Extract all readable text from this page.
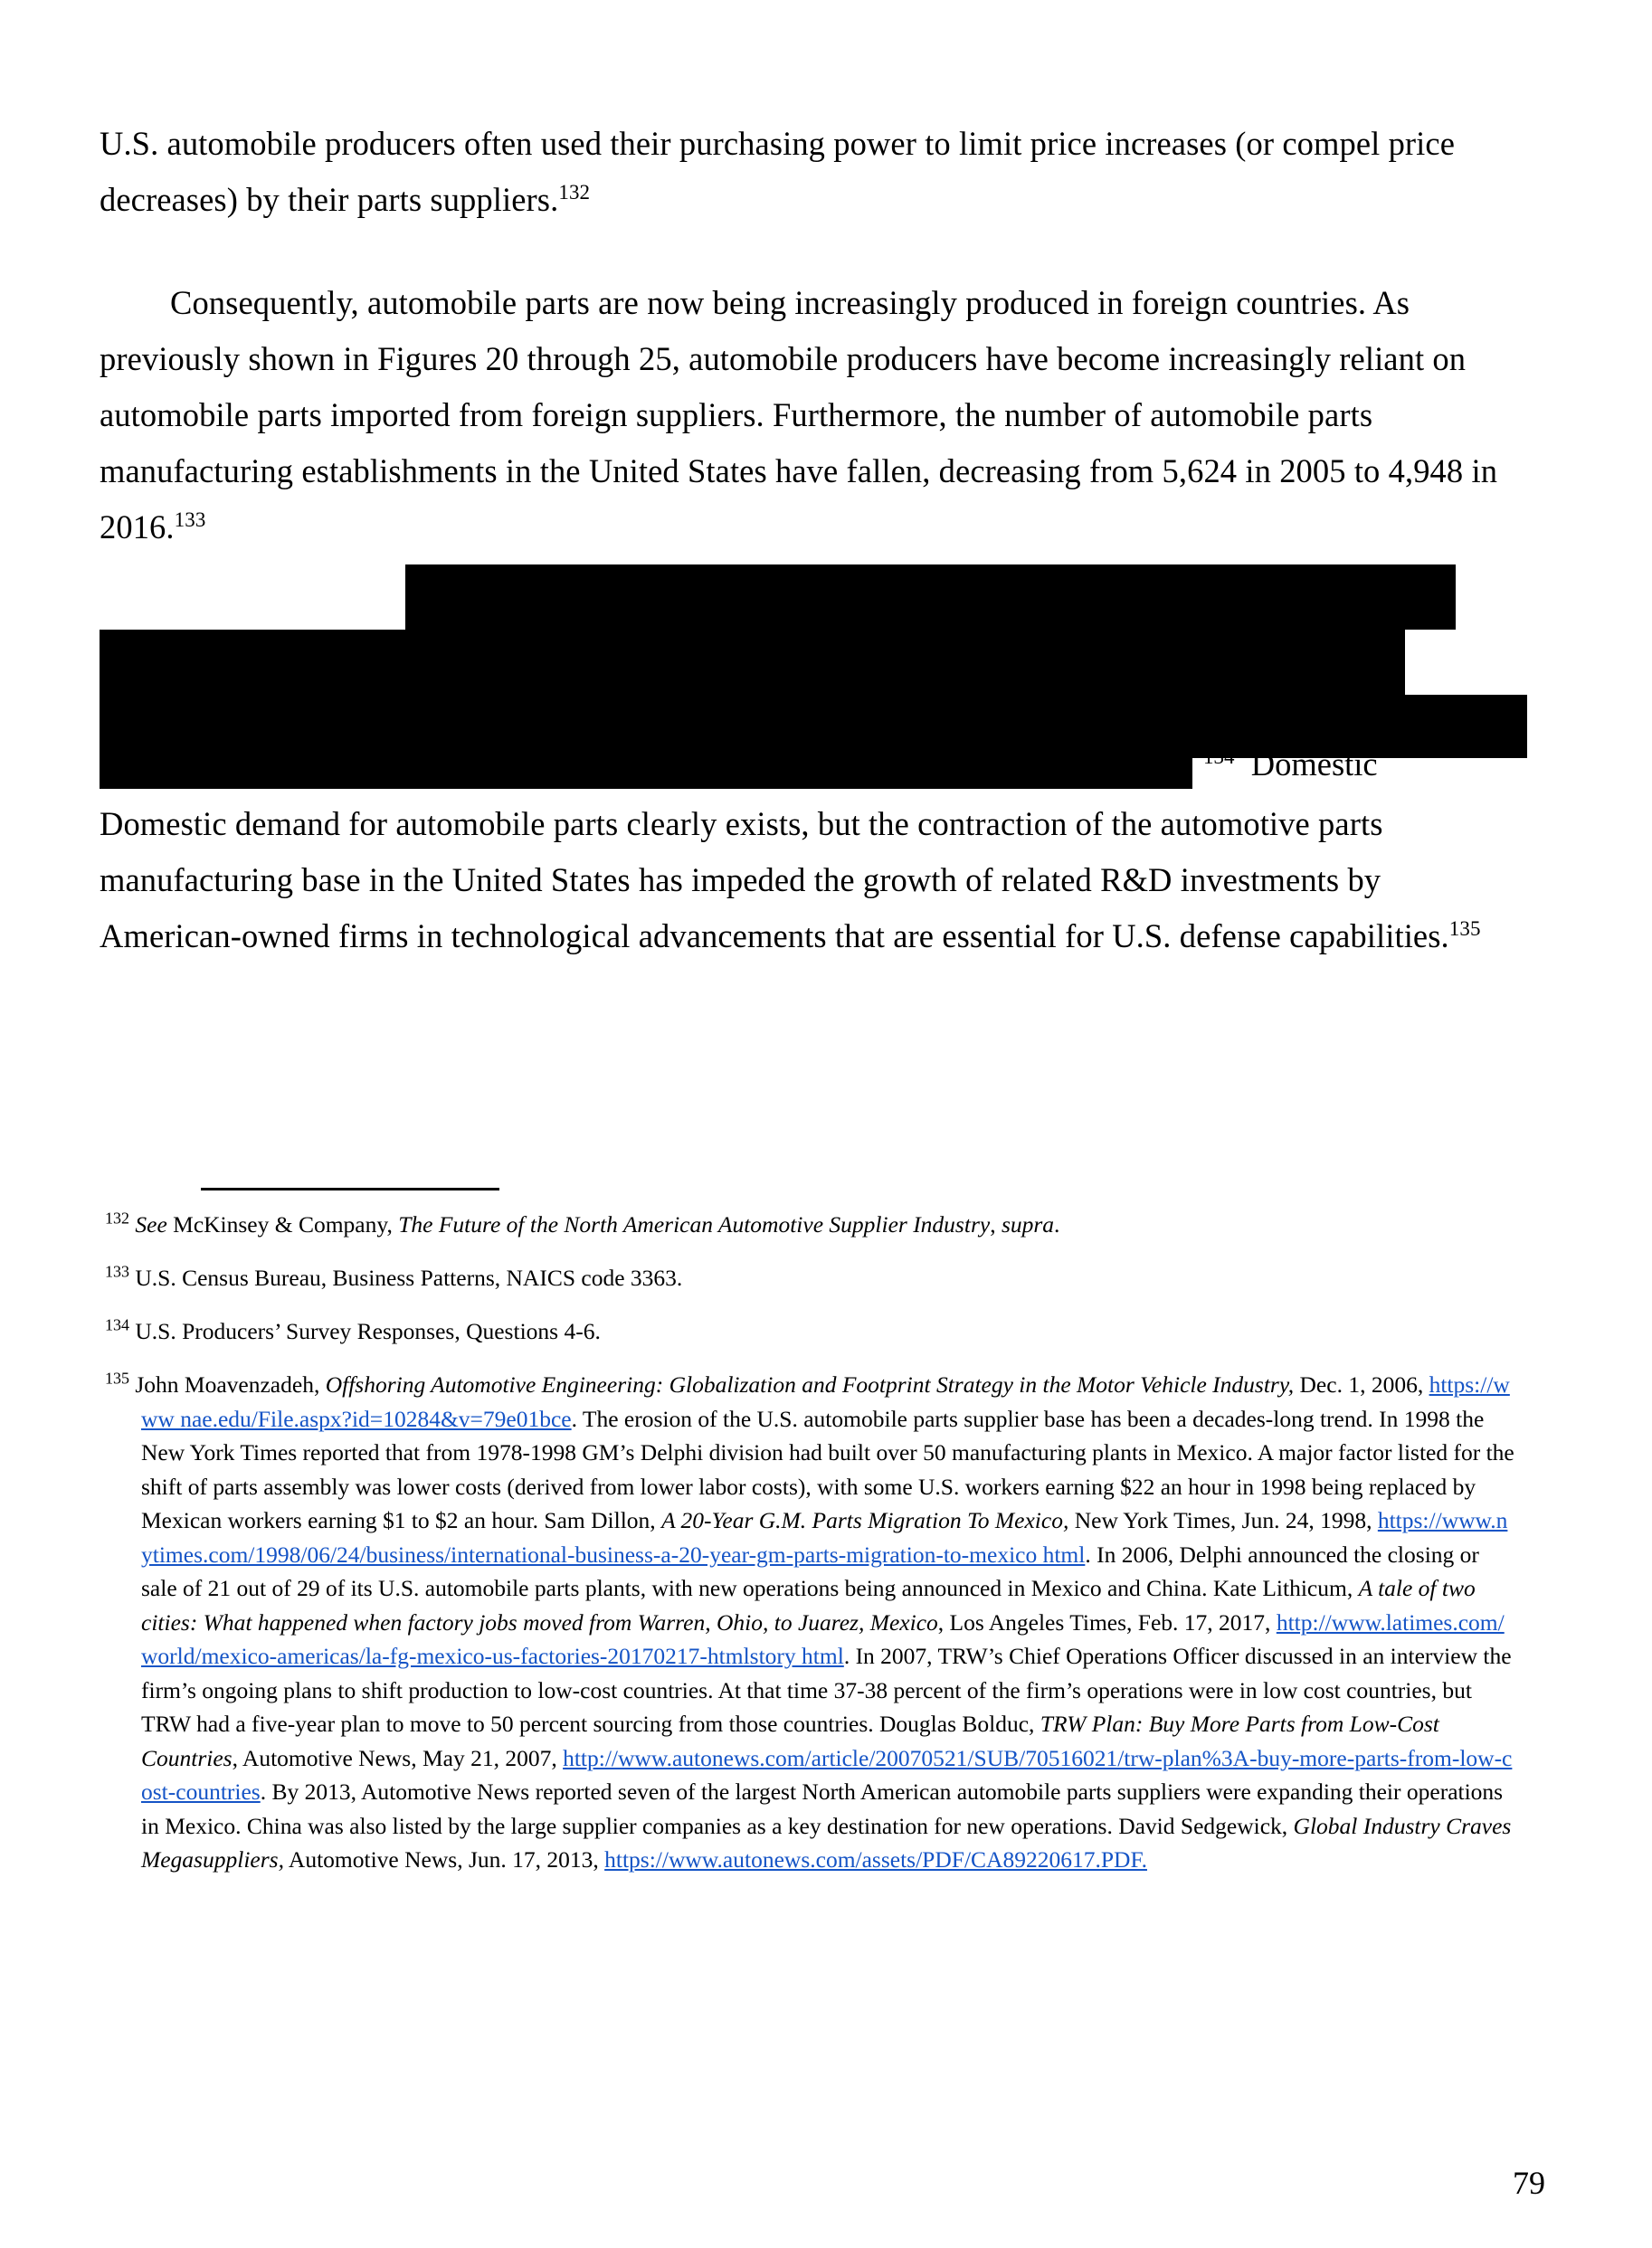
U.S. automobile producers often used their purchasing power to limit price increases (or compel price decreases) by their parts suppliers.$^{132}$

Consequently, automobile parts are now being increasingly produced in foreign countries. As previously shown in Figures 20 through 25, automobile producers have become increasingly reliant on automobile parts imported from foreign suppliers. Furthermore, the number of automobile parts manufacturing establishments in the United States have fallen, decreasing from 5,624 in 2005 to 4,948 in 2016.$^{133}$

$^{134}$ Domestic

Domestic demand for automobile parts clearly exists, but the contraction of the automotive parts manufacturing base in the United States has impeded the growth of related R&D investments by American-owned firms in technological advancements that are essential for U.S. defense capabilities.$^{135}$

$^{132}$ See McKinsey & Company, The Future of the North American Automotive Supplier Industry, supra.

$^{133}$ U.S. Census Bureau, Business Patterns, NAICS code 3363.

$^{134}$ U.S. Producers’ Survey Responses, Questions 4-6.

$^{135}$ John Moavenzadeh, Offshoring Automotive Engineering: Globalization and Footprint Strategy in the Motor Vehicle Industry, Dec. 1, 2006, https://www nae.edu/File.aspx?id=10284&v=79e01bce. The erosion of the U.S. automobile parts supplier base has been a decades-long trend. In 1998 the New York Times reported that from 1978-1998 GM’s Delphi division had built over 50 manufacturing plants in Mexico. A major factor listed for the shift of parts assembly was lower costs (derived from lower labor costs), with some U.S. workers earning $22 an hour in 1998 being replaced by Mexican workers earning $1 to $2 an hour. Sam Dillon, A 20-Year G.M. Parts Migration To Mexico, New York Times, Jun. 24, 1998, https://www.nytimes.com/1998/06/24/business/international-business-a-20-year-gm-parts-migration-to-mexico html. In 2006, Delphi announced the closing or sale of 21 out of 29 of its U.S. automobile parts plants, with new operations being announced in Mexico and China. Kate Lithicum, A tale of two cities: What happened when factory jobs moved from Warren, Ohio, to Juarez, Mexico, Los Angeles Times, Feb. 17, 2017, http://www.latimes.com/world/mexico-americas/la-fg-mexico-us-factories-20170217-htmlstory html. In 2007, TRW’s Chief Operations Officer discussed in an interview the firm’s ongoing plans to shift production to low-cost countries. At that time 37-38 percent of the firm’s operations were in low cost countries, but TRW had a five-year plan to move to 50 percent sourcing from those countries. Douglas Bolduc, TRW Plan: Buy More Parts from Low-Cost Countries, Automotive News, May 21, 2007, http://www.autonews.com/article/20070521/SUB/70516021/trw-plan%3A-buy-more-parts-from-low-cost-countries. By 2013, Automotive News reported seven of the largest North American automobile parts suppliers were expanding their operations in Mexico. China was also listed by the large supplier companies as a key destination for new operations. David Sedgewick, Global Industry Craves Megasuppliers, Automotive News, Jun. 17, 2013, https://www.autonews.com/assets/PDF/CA89220617.PDF.

79
